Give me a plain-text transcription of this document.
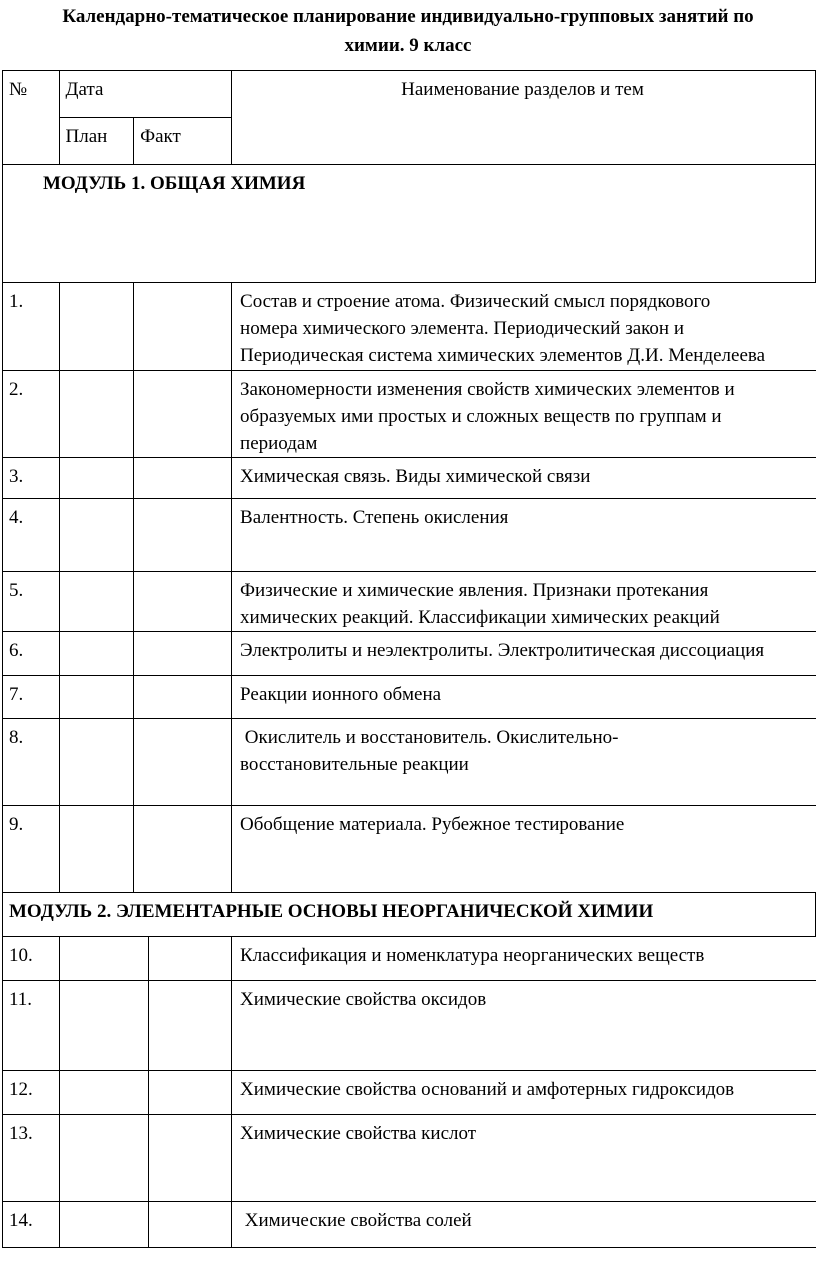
Календарно-тематическое планирование индивидуально-групповых занятий по
химии. 9 класс
№	Дата		Наименование разделов и тем
	План	Факт	
МОДУЛЬ 1. ОБЩАЯ ХИМИЯ			
1.			Состав и строение атома. Физический смысл порядкового
номера химического элемента. Периодический закон и
Периодическая система химических элементов Д.И. Менделеева

2.			Закономерности изменения свойств химических элементов и
образуемых ими простых и сложных веществ по группам и
периодам

3.			Химическая связь. Виды химической связи

4.			Валентность. Степень окисления

5.			Физические и химические явления. Признаки протекания
химических реакций. Классификации химических реакций

6.			Электролиты и неэлектролиты. Электролитическая диссоциация

7.			Реакции ионного обмена

8.			Окислитель и восстановитель. Окислительно-
восстановительные реакции

9.			Обобщение материала. Рубежное тестирование

МОДУЛЬ 2. ЭЛЕМЕНТАРНЫЕ ОСНОВЫ НЕОРГАНИЧЕСКОЙ ХИМИИ			
10.			Классификация и номенклатура неорганических веществ

11.			Химические свойства оксидов

12.			Химические свойства оснований и амфотерных гидроксидов

13.			Химические свойства кислот

14.			Химические свойства солей
